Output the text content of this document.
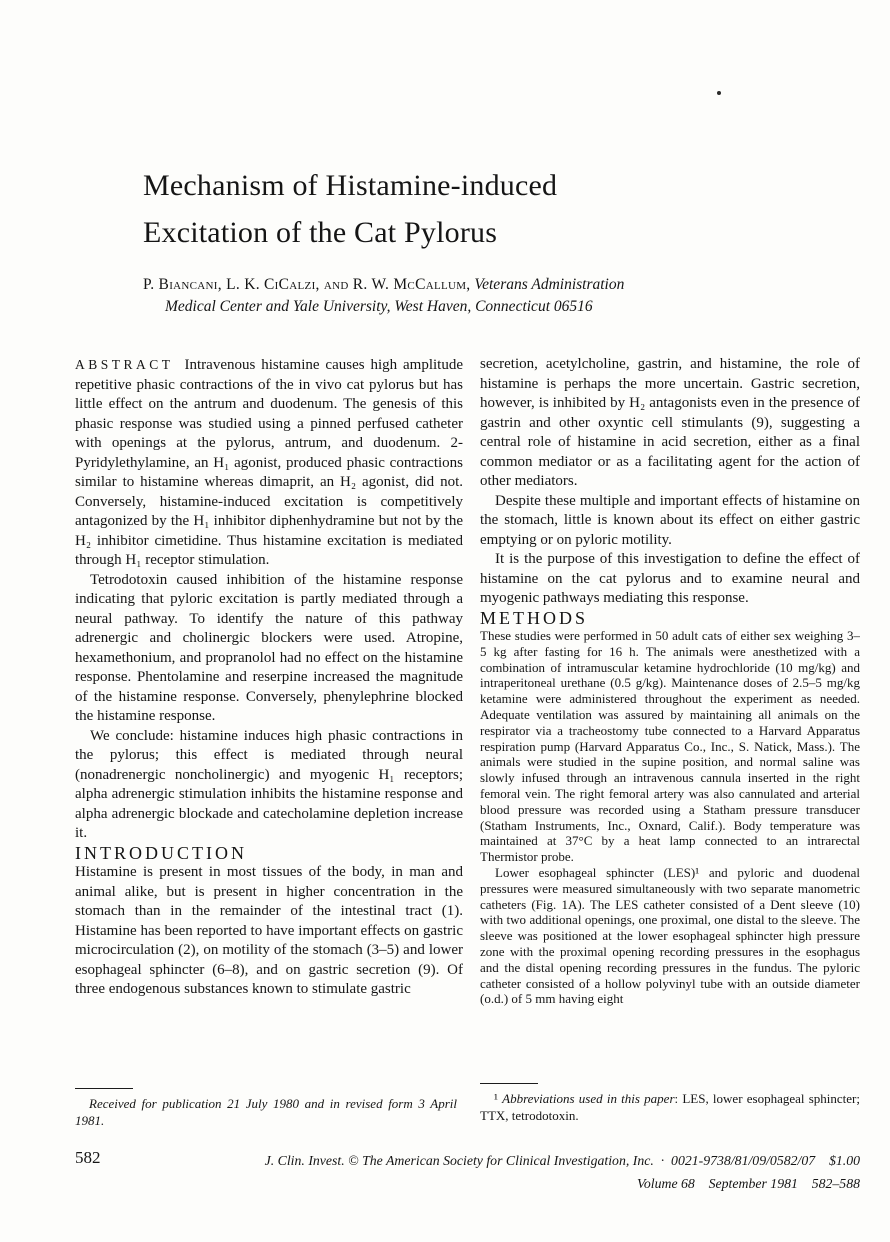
Mechanism of Histamine-induced
Excitation of the Cat Pylorus
P. Biancani, L. K. CiCalzi, and R. W. McCallum, Veterans Administration
Medical Center and Yale University, West Haven, Connecticut 06516

ABSTRACT Intravenous histamine causes high amplitude repetitive phasic contractions of the in vivo cat pylorus but has little effect on the antrum and duodenum. The genesis of this phasic response was studied using a pinned perfused catheter with openings at the pylorus, antrum, and duodenum. 2-Pyridylethylamine, an H₁ agonist, produced phasic contractions similar to histamine whereas dimaprit, an H₂ agonist, did not. Conversely, histamine-induced excitation is competitively antagonized by the H₁ inhibitor diphenhydramine but not by the H₂ inhibitor cimetidine. Thus histamine excitation is mediated through H₁ receptor stimulation.

Tetrodotoxin caused inhibition of the histamine response indicating that pyloric excitation is partly mediated through a neural pathway. To identify the nature of this pathway adrenergic and cholinergic blockers were used. Atropine, hexamethonium, and propranolol had no effect on the histamine response. Phentolamine and reserpine increased the magnitude of the histamine response. Conversely, phenylephrine blocked the histamine response.

We conclude: histamine induces high phasic contractions in the pylorus; this effect is mediated through neural (nonadrenergic noncholinergic) and myogenic H₁ receptors; alpha adrenergic stimulation inhibits the histamine response and alpha adrenergic blockade and catecholamine depletion increase it.

INTRODUCTION

Histamine is present in most tissues of the body, in man and animal alike, but is present in higher concentration in the stomach than in the remainder of the intestinal tract (1). Histamine has been reported to have important effects on gastric microcirculation (2), on motility of the stomach (3–5) and lower esophageal sphincter (6–8), and on gastric secretion (9). Of three endogenous substances known to stimulate gastric

secretion, acetylcholine, gastrin, and histamine, the role of histamine is perhaps the more uncertain. Gastric secretion, however, is inhibited by H₂ antagonists even in the presence of gastrin and other oxyntic cell stimulants (9), suggesting a central role of histamine in acid secretion, either as a final common mediator or as a facilitating agent for the action of other mediators.

Despite these multiple and important effects of histamine on the stomach, little is known about its effect on either gastric emptying or on pyloric motility.

It is the purpose of this investigation to define the effect of histamine on the cat pylorus and to examine neural and myogenic pathways mediating this response.

METHODS

These studies were performed in 50 adult cats of either sex weighing 3–5 kg after fasting for 16 h. The animals were anesthetized with a combination of intramuscular ketamine hydrochloride (10 mg/kg) and intraperitoneal urethane (0.5 g/kg). Maintenance doses of 2.5–5 mg/kg ketamine were administered throughout the experiment as needed. Adequate ventilation was assured by maintaining all animals on the respirator via a tracheostomy tube connected to a Harvard Apparatus respiration pump (Harvard Apparatus Co., Inc., S. Natick, Mass.). The animals were studied in the supine position, and normal saline was slowly infused through an intravenous cannula inserted in the right femoral vein. The right femoral artery was also cannulated and arterial blood pressure was recorded using a Statham pressure transducer (Statham Instruments, Inc., Oxnard, Calif.). Body temperature was maintained at 37°C by a heat lamp connected to an intrarectal Thermistor probe.

Lower esophageal sphincter (LES)¹ and pyloric and duodenal pressures were measured simultaneously with two separate manometric catheters (Fig. 1A). The LES catheter consisted of a Dent sleeve (10) with two additional openings, one proximal, one distal to the sleeve. The sleeve was positioned at the lower esophageal sphincter high pressure zone with the proximal opening recording pressures in the esophagus and the distal opening recording pressures in the fundus. The pyloric catheter consisted of a hollow polyvinyl tube with an outside diameter (o.d.) of 5 mm having eight

Received for publication 21 July 1980 and in revised form 3 April 1981.

¹ Abbreviations used in this paper: LES, lower esophageal sphincter; TTX, tetrodotoxin.

582	J. Clin. Invest. © The American Society for Clinical Investigation, Inc. · 0021-9738/81/09/0582/07 $1.00
Volume 68 September 1981 582–588
